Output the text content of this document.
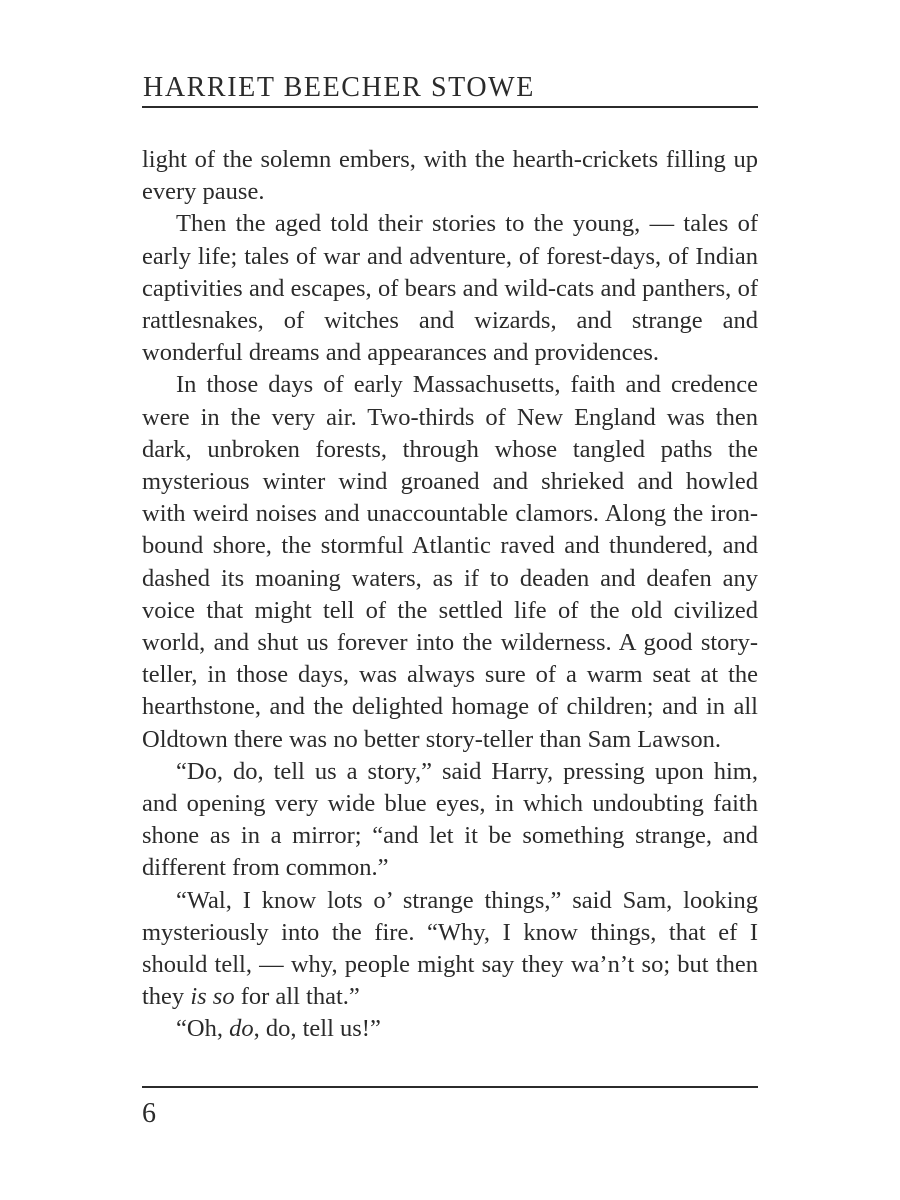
HARRIET BEECHER STOWE

light of the solemn embers, with the hearth-crickets filling up every pause.

Then the aged told their stories to the young, — tales of early life; tales of war and adventure, of forest-days, of Indian captivities and escapes, of bears and wild-cats and panthers, of rattlesnakes, of witches and wizards, and strange and wonderful dreams and appearances and providences.

In those days of early Massachusetts, faith and credence were in the very air. Two-thirds of New England was then dark, unbroken forests, through whose tangled paths the mysterious winter wind groaned and shrieked and howled with weird noises and unaccountable clamors. Along the iron-bound shore, the stormful Atlantic raved and thundered, and dashed its moaning waters, as if to deaden and deafen any voice that might tell of the settled life of the old civilized world, and shut us forever into the wilderness. A good story-teller, in those days, was always sure of a warm seat at the hearthstone, and the delighted homage of children; and in all Oldtown there was no better story-teller than Sam Lawson.

“Do, do, tell us a story,” said Harry, pressing upon him, and opening very wide blue eyes, in which undoubting faith shone as in a mirror; “and let it be something strange, and different from common.”

“Wal, I know lots o’ strange things,” said Sam, looking mysteriously into the fire. “Why, I know things, that ef I should tell, — why, people might say they wa’n’t so; but then they is so for all that.”

“Oh, do, do, tell us!”

6
